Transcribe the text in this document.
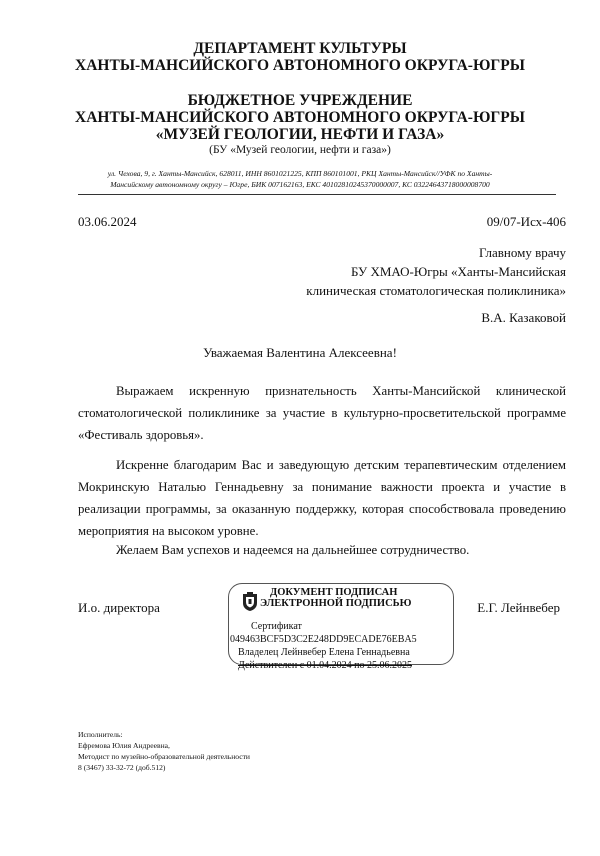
ДЕПАРТАМЕНТ КУЛЬТУРЫ
ХАНТЫ-МАНСИЙСКОГО АВТОНОМНОГО ОКРУГА-ЮГРЫ
БЮДЖЕТНОЕ УЧРЕЖДЕНИЕ
ХАНТЫ-МАНСИЙСКОГО АВТОНОМНОГО ОКРУГА-ЮГРЫ
«МУЗЕЙ ГЕОЛОГИИ, НЕФТИ И ГАЗА»
(БУ «Музей геологии, нефти и газа»)
ул. Чехова, 9, г. Ханты-Мансийск, 628011, ИНН 8601021225, КПП 860101001, РКЦ Ханты-Мансийск//УФК по Ханты-
Мансийскому автономному округу – Югре, БИК 007162163, ЕКС 40102810245370000007, КС 03224643718000008700
03.06.2024	09/07-Исх-406
Главному врачу
БУ ХМАО-Югры «Ханты-Мансийская
клиническая стоматологическая поликлиника»
В.А. Казаковой
Уважаемая Валентина Алексеевна!
Выражаем искренную признательность Ханты-Мансийской клинической
стоматологической поликлинике за участие в культурно-просветительской программе
«Фестиваль здоровья».
Искренне благодарим Вас и заведующую детским терапевтическим отделением
Мокринскую Наталью Геннадьевну за понимание важности проекта и участие в
реализации программы, за оказанную поддержку, которая способствовала проведению
мероприятия на высоком уровне.
Желаем Вам успехов и надеемся на дальнейшее сотрудничество.
И.о. директора	Е.Г. Лейнвебер
ДОКУМЕНТ ПОДПИСАН
ЭЛЕКТРОННОЙ ПОДПИСЬЮ
Сертификат
049463BCF5D3C2E248DD9ECADE76EBA5
Владелец Лейнвебер Елена Геннадьевна
Действителен с 01.04.2024 по 25.06.2025
Исполнитель:
Ефремова Юлия Андреевна,
Методист по музейно-образовательной деятельности
8 (3467) 33-32-72 (доб.512)
